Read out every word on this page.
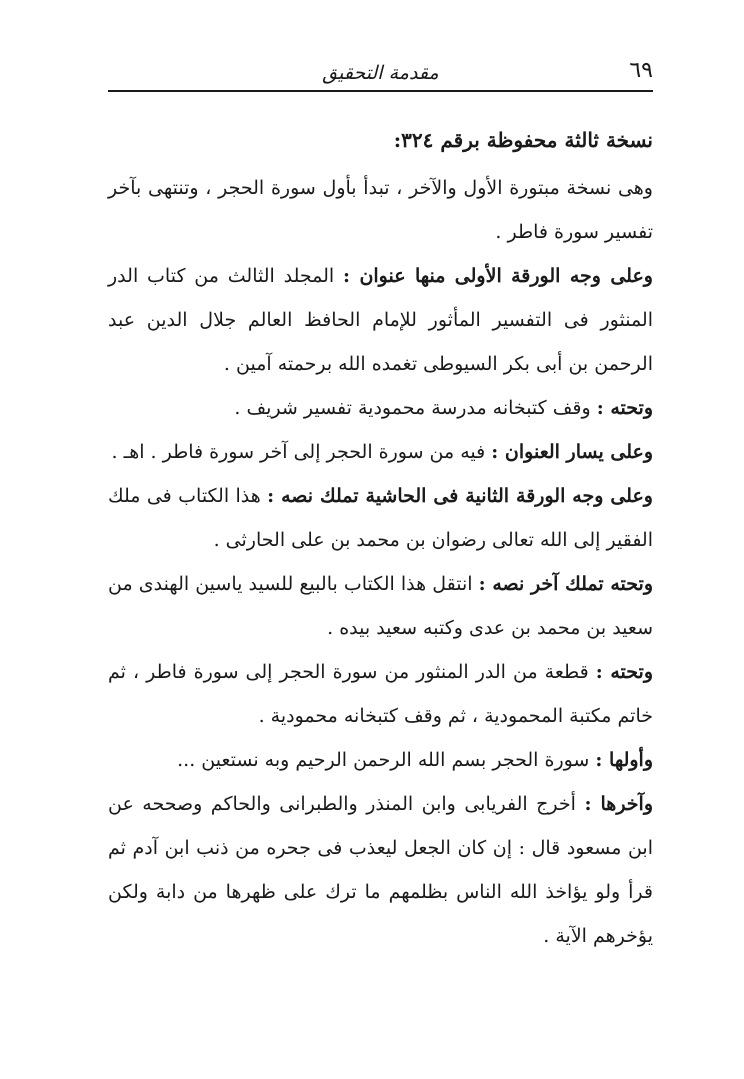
٦٩
مقدمة التحقيق
نسخة ثالثة محفوظة برقم ٣٢٤:

وهى نسخة مبتورة الأول والآخر ، تبدأ بأول سورة الحجر ، وتنتهى بآخر تفسير سورة فاطر .

وعلى وجه الورقة الأولى منها عنوان : المجلد الثالث من كتاب الدر المنثور فى التفسير المأثور للإمام الحافظ العالم جلال الدين عبد الرحمن بن أبى بكر السيوطى تغمده الله برحمته آمين .

وتحته : وقف كتبخانه مدرسة محمودية تفسير شريف .

وعلى يسار العنوان : فيه من سورة الحجر إلى آخر سورة فاطر . اهـ .

وعلى وجه الورقة الثانية فى الحاشية تملك نصه : هذا الكتاب فى ملك الفقير إلى الله تعالى رضوان بن محمد بن على الحارثى .

وتحته تملك آخر نصه : انتقل هذا الكتاب بالبيع للسيد ياسين الهندى من سعيد بن محمد بن عدى وكتبه سعيد بيده .

وتحته : قطعة من الدر المنثور من سورة الحجر إلى سورة فاطر ، ثم خاتم مكتبة المحمودية ، ثم وقف كتبخانه محمودية .

وأولها : سورة الحجر بسم الله الرحمن الرحيم وبه نستعين ...

وآخرها : أخرج الفريابى وابن المنذر والطبرانى والحاكم وصححه عن ابن مسعود قال : إن كان الجعل ليعذب فى جحره من ذنب ابن آدم ثم قرأ ولو يؤاخذ الله الناس بظلمهم ما ترك على ظهرها من دابة ولكن يؤخرهم الآية .
